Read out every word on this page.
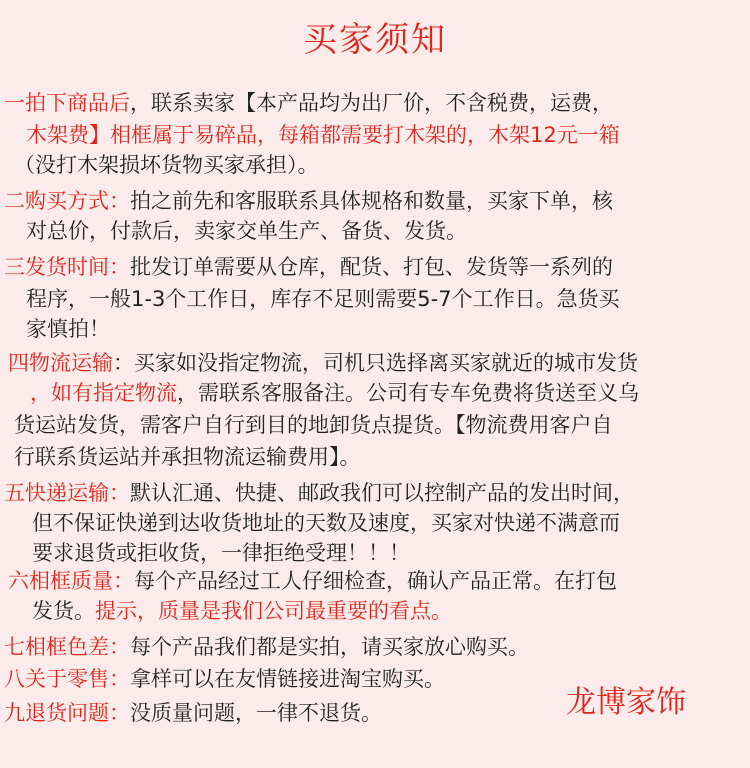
买家须知
一拍下商品后，联系卖家【本产品均为出厂价，不含税费，运费，
木架费】相框属于易碎品，每箱都需要打木架的，木架12元一箱
（没打木架损坏货物买家承担）。
二购买方式：拍之前先和客服联系具体规格和数量，买家下单，核
对总价，付款后，卖家交单生产、备货、发货。
三发货时间：批发订单需要从仓库，配货、打包、发货等一系列的
程序，一般1-3个工作日，库存不足则需要5-7个工作日。急货买
家慎拍！
四物流运输：买家如没指定物流，司机只选择离买家就近的城市发货
，如有指定物流，需联系客服备注。公司有专车免费将货送至义乌
货运站发货，需客户自行到目的地卸货点提货。【物流费用客户自
行联系货运站并承担物流运输费用】。
五快递运输：默认汇通、快捷、邮政我们可以控制产品的发出时间，
但不保证快递到达收货地址的天数及速度，买家对快递不满意而
要求退货或拒收货，一律拒绝受理！！！
六相框质量：每个产品经过工人仔细检查，确认产品正常。在打包
发货。提示，质量是我们公司最重要的看点。
七相框色差：每个产品我们都是实拍，请买家放心购买。
八关于零售：拿样可以在友情链接进淘宝购买。
九退货问题：没质量问题，一律不退货。	龙博家饰
